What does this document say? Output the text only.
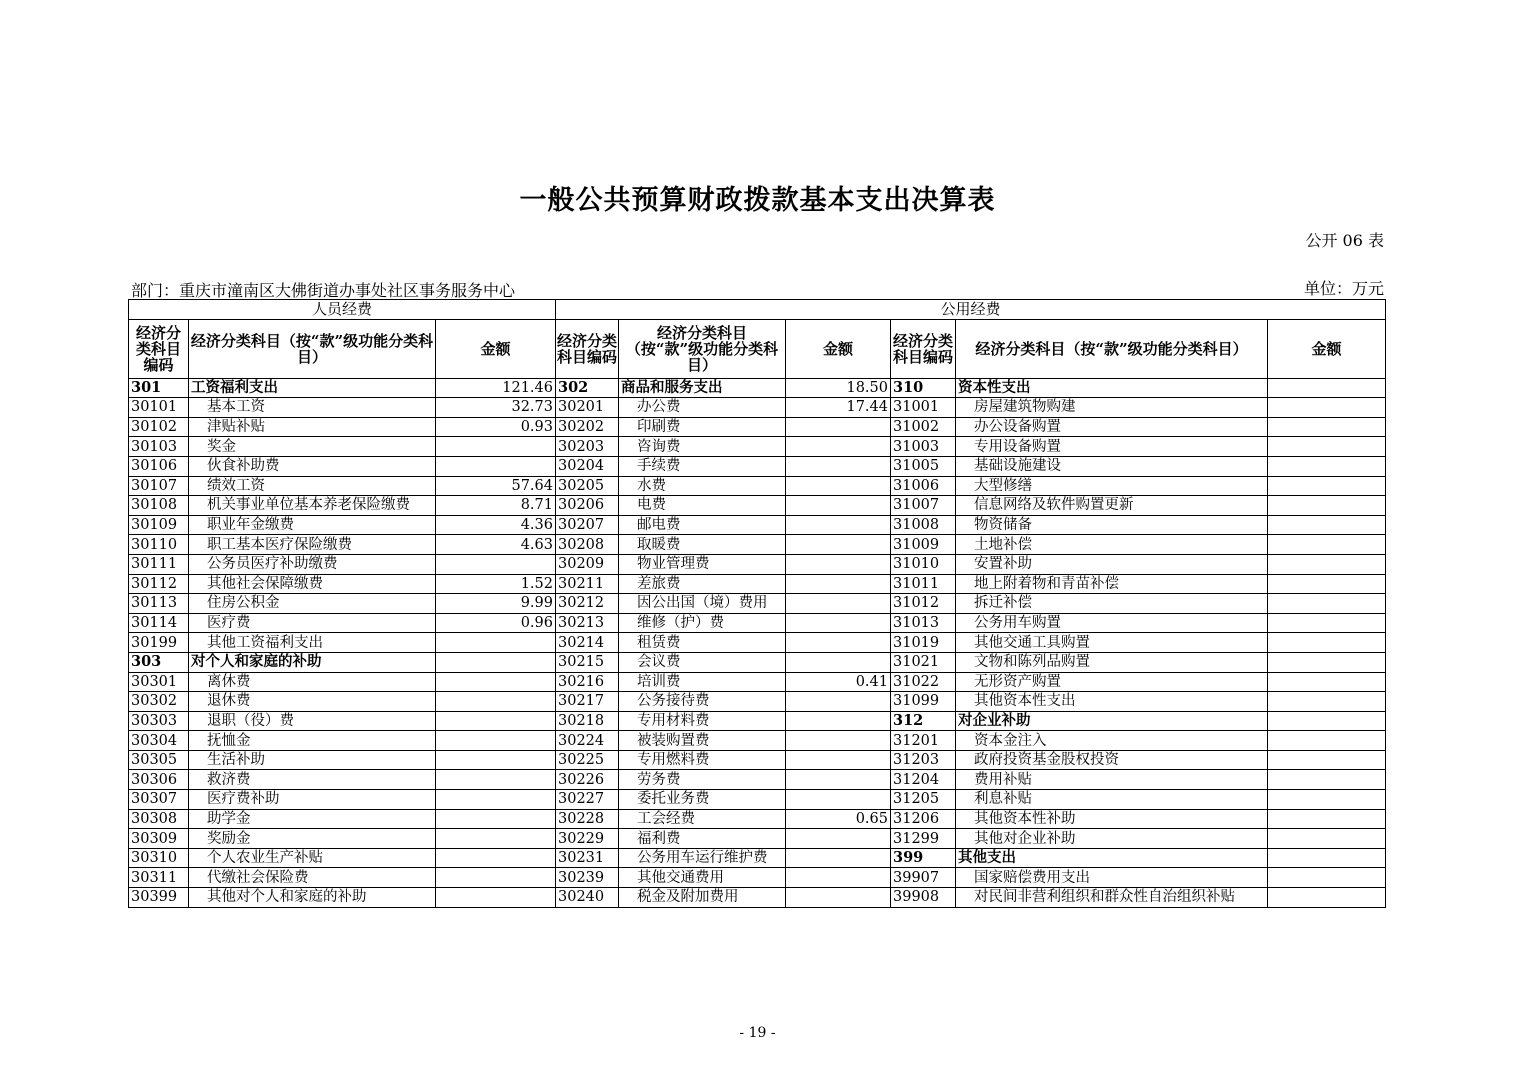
一般公共预算财政拨款基本支出决算表
公开 06 表
部门：重庆市潼南区大佛街道办事处社区事务服务中心	单位：万元
人员经费			公用经费					
经济分类科目编码	经济分类科目（按“款”级功能分类科目）	金额	经济分类科目编码	经济分类科目（按“款”级功能分类科目）	金额	经济分类科目编码	经济分类科目（按“款”级功能分类科目）	金额
301	工资福利支出	121.46	302	商品和服务支出	18.50	310	资本性支出	
30101	基本工资	32.73	30201	办公费	17.44	31001	房屋建筑物购建	
30102	津贴补贴	0.93	30202	印刷费		31002	办公设备购置	
30103	奖金		30203	咨询费		31003	专用设备购置	
30106	伙食补助费		30204	手续费		31005	基础设施建设	
30107	绩效工资	57.64	30205	水费		31006	大型修缮	
30108	机关事业单位基本养老保险缴费	8.71	30206	电费		31007	信息网络及软件购置更新	
30109	职业年金缴费	4.36	30207	邮电费		31008	物资储备	
30110	职工基本医疗保险缴费	4.63	30208	取暖费		31009	土地补偿	
30111	公务员医疗补助缴费		30209	物业管理费		31010	安置补助	
30112	其他社会保障缴费	1.52	30211	差旅费		31011	地上附着物和青苗补偿	
30113	住房公积金	9.99	30212	因公出国（境）费用		31012	拆迁补偿	
30114	医疗费	0.96	30213	维修（护）费		31013	公务用车购置	
30199	其他工资福利支出		30214	租赁费		31019	其他交通工具购置	
303	对个人和家庭的补助		30215	会议费		31021	文物和陈列品购置	
30301	离休费		30216	培训费	0.41	31022	无形资产购置	
30302	退休费		30217	公务接待费		31099	其他资本性支出	
30303	退职（役）费		30218	专用材料费		312	对企业补助	
30304	抚恤金		30224	被装购置费		31201	资本金注入	
30305	生活补助		30225	专用燃料费		31203	政府投资基金股权投资	
30306	救济费		30226	劳务费		31204	费用补贴	
30307	医疗费补助		30227	委托业务费		31205	利息补贴	
30308	助学金		30228	工会经费	0.65	31206	其他资本性补助	
30309	奖励金		30229	福利费		31299	其他对企业补助	
30310	个人农业生产补贴		30231	公务用车运行维护费		399	其他支出	
30311	代缴社会保险费		30239	其他交通费用		39907	国家赔偿费用支出	
30399	其他对个人和家庭的补助		30240	税金及附加费用		39908	对民间非营利组织和群众性自治组织补贴	
- 19 -
